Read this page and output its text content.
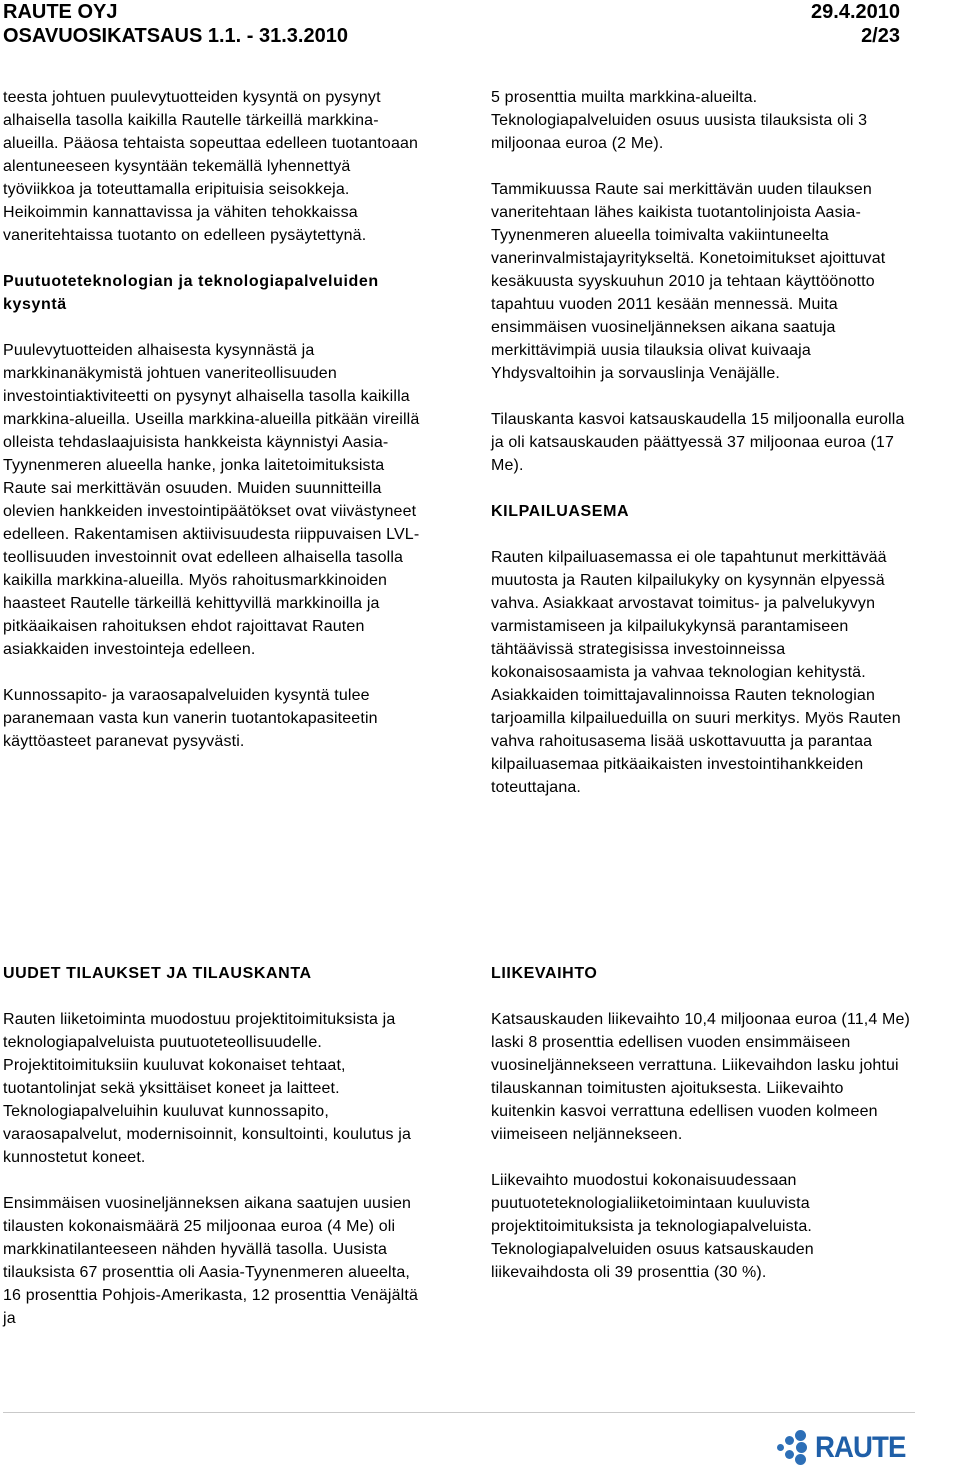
RAUTE OYJ	29.4.2010
OSAVUOSIKATSAUS 1.1. - 31.3.2010	2/23

teesta johtuen puulevytuotteiden kysyntä on pysynyt alhaisella tasolla kaikilla Rautelle tärkeillä markkina-alueilla. Pääosa tehtaista sopeuttaa edelleen tuotantoaan alentuneeseen kysyntään tekemällä lyhennettyä työviikkoa ja toteuttamalla eripituisia seisokkeja. Heikoimmin kannattavissa ja vähiten tehokkaissa vaneritehtaissa tuotanto on edelleen pysäytettynä.

Puutuoteteknologian ja teknologiapalveluiden kysyntä

Puulevytuotteiden alhaisesta kysynnästä ja markkinanäkymistä johtuen vaneriteollisuuden investointiaktiviteetti on pysynyt alhaisella tasolla kaikilla markkina-alueilla. Useilla markkina-alueilla pitkään vireillä olleista tehdaslaajuisista hankkeista käynnistyi Aasia-Tyynenmeren alueella hanke, jonka laitetoimituksista Raute sai merkittävän osuuden. Muiden suunnitteilla olevien hankkeiden investointipäätökset ovat viivästyneet edelleen. Rakentamisen aktiivisuudesta riippuvaisen LVL-teollisuuden investoinnit ovat edelleen alhaisella tasolla kaikilla markkina-alueilla. Myös rahoitusmarkkinoiden haasteet Rautelle tärkeillä kehittyvillä markkinoilla ja pitkäaikaisen rahoituksen ehdot rajoittavat Rauten asiakkaiden investointeja edelleen.

Kunnossapito- ja varaosapalveluiden kysyntä tulee paranemaan vasta kun vanerin tuotantokapasiteetin käyttöasteet paranevat pysyvästi.

5 prosenttia muilta markkina-alueilta. Teknologiapalveluiden osuus uusista tilauksista oli 3 miljoonaa euroa (2 Me).

Tammikuussa Raute sai merkittävän uuden tilauksen vaneritehtaan lähes kaikista tuotantolinjoista Aasia-Tyynenmeren alueella toimivalta vakiintuneelta vanerinvalmistajayritykseltä. Konetoimitukset ajoittuvat kesäkuusta syyskuuhun 2010 ja tehtaan käyttöönotto tapahtuu vuoden 2011 kesään mennessä. Muita ensimmäisen vuosineljänneksen aikana saatuja merkittävimpiä uusia tilauksia olivat kuivaaja Yhdysvaltoihin ja sorvauslinja Venäjälle.

Tilauskanta kasvoi katsauskaudella 15 miljoonalla eurolla ja oli katsauskauden päättyessä 37 miljoonaa euroa (17 Me).

KILPAILUASEMA

Rauten kilpailuasemassa ei ole tapahtunut merkittävää muutosta ja Rauten kilpailukyky on kysynnän elpyessä vahva. Asiakkaat arvostavat toimitus- ja palvelukyvyn varmistamiseen ja kilpailukykynsä parantamiseen tähtäävissä strategisissa investoinneissa kokonaisosaamista ja vahvaa teknologian kehitystä. Asiakkaiden toimittajavalinnoissa Rauten teknologian tarjoamilla kilpailueduilla on suuri merkitys. Myös Rauten vahva rahoitusasema lisää uskottavuutta ja parantaa kilpailuasemaa pitkäaikaisten investointihankkeiden toteuttajana.

UUDET TILAUKSET JA TILAUSKANTA

Rauten liiketoiminta muodostuu projektitoimituksista ja teknologiapalveluista puutuoteteollisuudelle. Projektitoimituksiin kuuluvat kokonaiset tehtaat, tuotantolinjat sekä yksittäiset koneet ja laitteet. Teknologiapalveluihin kuuluvat kunnossapito, varaosapalvelut, modernisoinnit, konsultointi, koulutus ja kunnostetut koneet.

Ensimmäisen vuosineljänneksen aikana saatujen uusien tilausten kokonaismäärä 25 miljoonaa euroa (4 Me) oli markkinatilanteeseen nähden hyvällä tasolla. Uusista tilauksista 67 prosenttia oli Aasia-Tyynenmeren alueelta, 16 prosenttia Pohjois-Amerikasta, 12 prosenttia Venäjältä ja

LIIKEVAIHTO

Katsauskauden liikevaihto 10,4 miljoonaa euroa (11,4 Me) laski 8 prosenttia edellisen vuoden ensimmäiseen vuosineljännekseen verrattuna. Liikevaihdon lasku johtui tilauskannan toimitusten ajoituksesta. Liikevaihto kuitenkin kasvoi verrattuna edellisen vuoden kolmeen viimeiseen neljännekseen.

Liikevaihto muodostui kokonaisuudessaan puutuoteteknologialiiketoimintaan kuuluvista projektitoimituksista ja teknologiapalveluista. Teknologiapalveluiden osuus katsauskauden liikevaihdosta oli 39 prosenttia (30 %).

RAUTE
